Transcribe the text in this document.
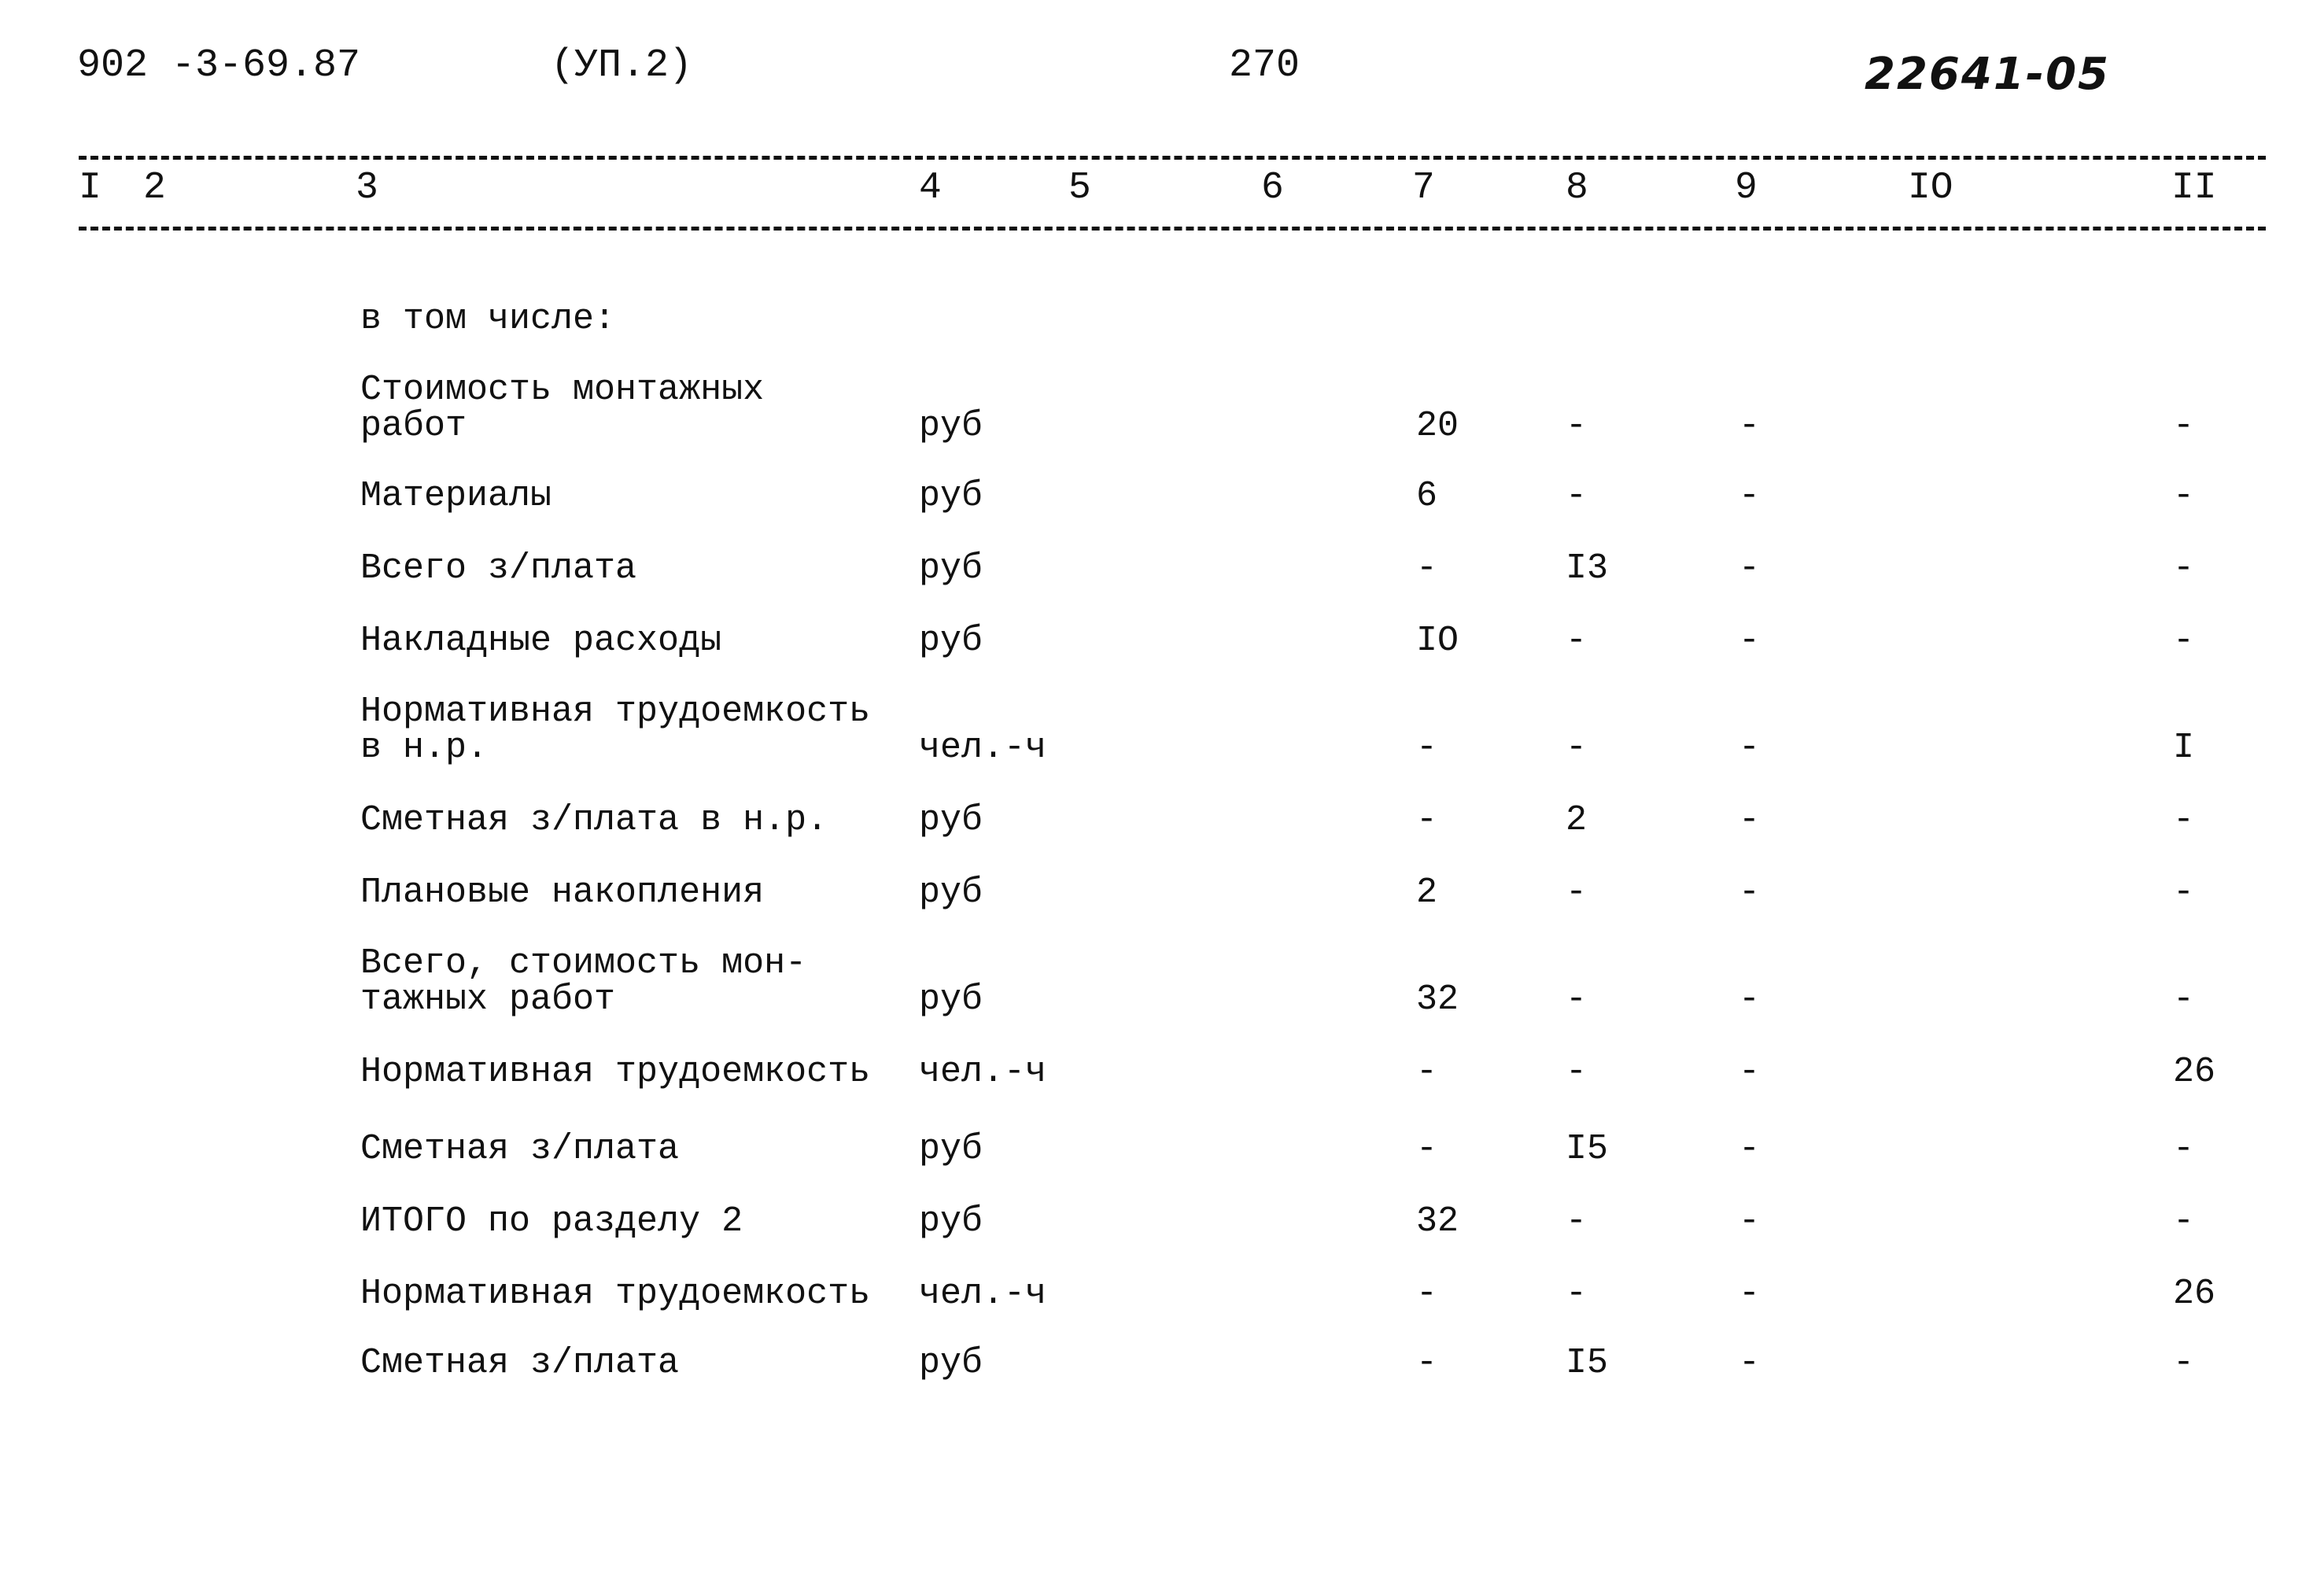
902 -3-69.87	(УП.2)	270	22641-05
I 2	3	4	5	6	7	8	9	IO	II
в том числе:
Стоимость монтажных
работ	руб	20	-	-	-
Материалы	руб	6	-	-	-
Всего з/плата	руб	-	I3	-	-
Накладные расходы	руб	IO	-	-	-
Нормативная трудоемкость
в н.р.	чел.-ч	-	-	-	I
Сметная з/плата в н.р.	руб	-	2	-	-
Плановые накопления	руб	2	-	-	-
Всего, стоимость мон-
тажных работ	руб	32	-	-	-
Нормативная трудоемкость чел.-ч	-	-	-	26
Сметная з/плата	руб	-	I5	-	-
ИТОГО по разделу 2	руб	32	-	-	-
Нормативная трудоемкость чел.-ч	-	-	-	26
Сметная з/плата	руб	-	I5	-	-
